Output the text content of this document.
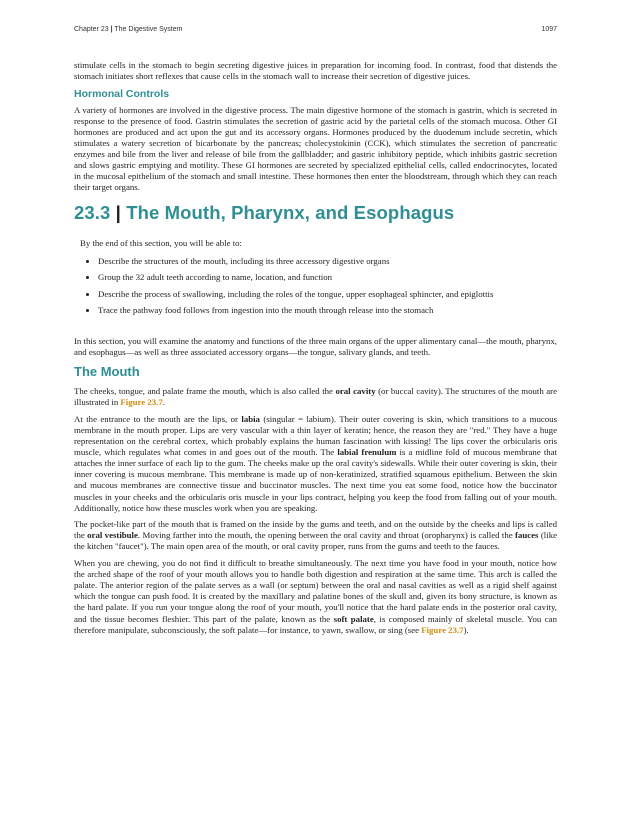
Chapter 23 | The Digestive System	1097

stimulate cells in the stomach to begin secreting digestive juices in preparation for incoming food. In contrast, food that distends the stomach initiates short reflexes that cause cells in the stomach wall to increase their secretion of digestive juices.

Hormonal Controls

A variety of hormones are involved in the digestive process. The main digestive hormone of the stomach is gastrin, which is secreted in response to the presence of food. Gastrin stimulates the secretion of gastric acid by the parietal cells of the stomach mucosa. Other GI hormones are produced and act upon the gut and its accessory organs. Hormones produced by the duodenum include secretin, which stimulates a watery secretion of bicarbonate by the pancreas; cholecystokinin (CCK), which stimulates the secretion of pancreatic enzymes and bile from the liver and release of bile from the gallbladder; and gastric inhibitory peptide, which inhibits gastric secretion and slows gastric emptying and motility. These GI hormones are secreted by specialized epithelial cells, called endocrinocytes, located in the mucosal epithelium of the stomach and small intestine. These hormones then enter the bloodstream, through which they can reach their target organs.

23.3 | The Mouth, Pharynx, and Esophagus

By the end of this section, you will be able to:

• Describe the structures of the mouth, including its three accessory digestive organs
• Group the 32 adult teeth according to name, location, and function
• Describe the process of swallowing, including the roles of the tongue, upper esophageal sphincter, and epiglottis
• Trace the pathway food follows from ingestion into the mouth through release into the stomach

In this section, you will examine the anatomy and functions of the three main organs of the upper alimentary canal—the mouth, pharynx, and esophagus—as well as three associated accessory organs—the tongue, salivary glands, and teeth.

The Mouth

The cheeks, tongue, and palate frame the mouth, which is also called the oral cavity (or buccal cavity). The structures of the mouth are illustrated in Figure 23.7.

At the entrance to the mouth are the lips, or labia (singular = labium). Their outer covering is skin, which transitions to a mucous membrane in the mouth proper. Lips are very vascular with a thin layer of keratin; hence, the reason they are "red." They have a huge representation on the cerebral cortex, which probably explains the human fascination with kissing! The lips cover the orbicularis oris muscle, which regulates what comes in and goes out of the mouth. The labial frenulum is a midline fold of mucous membrane that attaches the inner surface of each lip to the gum. The cheeks make up the oral cavity's sidewalls. While their outer covering is skin, their inner covering is mucous membrane. This membrane is made up of non-keratinized, stratified squamous epithelium. Between the skin and mucous membranes are connective tissue and buccinator muscles. The next time you eat some food, notice how the buccinator muscles in your cheeks and the orbicularis oris muscle in your lips contract, helping you keep the food from falling out of your mouth. Additionally, notice how these muscles work when you are speaking.

The pocket-like part of the mouth that is framed on the inside by the gums and teeth, and on the outside by the cheeks and lips is called the oral vestibule. Moving farther into the mouth, the opening between the oral cavity and throat (oropharynx) is called the fauces (like the kitchen "faucet"). The main open area of the mouth, or oral cavity proper, runs from the gums and teeth to the fauces.

When you are chewing, you do not find it difficult to breathe simultaneously. The next time you have food in your mouth, notice how the arched shape of the roof of your mouth allows you to handle both digestion and respiration at the same time. This arch is called the palate. The anterior region of the palate serves as a wall (or septum) between the oral and nasal cavities as well as a rigid shelf against which the tongue can push food. It is created by the maxillary and palatine bones of the skull and, given its bony structure, is known as the hard palate. If you run your tongue along the roof of your mouth, you'll notice that the hard palate ends in the posterior oral cavity, and the tissue becomes fleshier. This part of the palate, known as the soft palate, is composed mainly of skeletal muscle. You can therefore manipulate, subconsciously, the soft palate—for instance, to yawn, swallow, or sing (see Figure 23.7).
